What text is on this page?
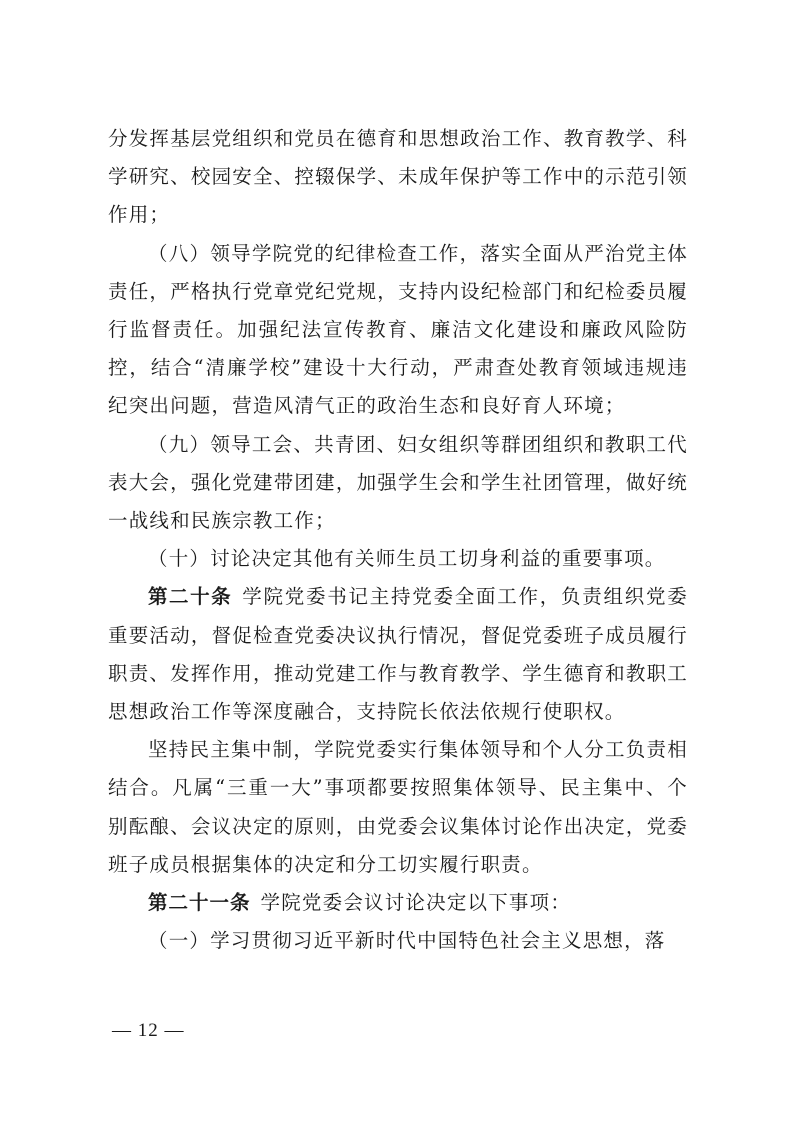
分发挥基层党组织和党员在德育和思想政治工作、教育教学、科学研究、校园安全、控辍保学、未成年保护等工作中的示范引领作用；

（八）领导学院党的纪律检查工作，落实全面从严治党主体责任，严格执行党章党纪党规，支持内设纪检部门和纪检委员履行监督责任。加强纪法宣传教育、廉洁文化建设和廉政风险防控，结合“清廉学校”建设十大行动，严肃查处教育领域违规违纪突出问题，营造风清气正的政治生态和良好育人环境；

（九）领导工会、共青团、妇女组织等群团组织和教职工代表大会，强化党建带团建，加强学生会和学生社团管理，做好统一战线和民族宗教工作；

（十）讨论决定其他有关师生员工切身利益的重要事项。

第二十条 学院党委书记主持党委全面工作，负责组织党委重要活动，督促检查党委决议执行情况，督促党委班子成员履行职责、发挥作用，推动党建工作与教育教学、学生德育和教职工思想政治工作等深度融合，支持院长依法依规行使职权。

坚持民主集中制，学院党委实行集体领导和个人分工负责相结合。凡属“三重一大”事项都要按照集体领导、民主集中、个别酝酿、会议决定的原则，由党委会议集体讨论作出决定，党委班子成员根据集体的决定和分工切实履行职责。

第二十一条 学院党委会议讨论决定以下事项：

（一）学习贯彻习近平新时代中国特色社会主义思想，落

— 12 —
